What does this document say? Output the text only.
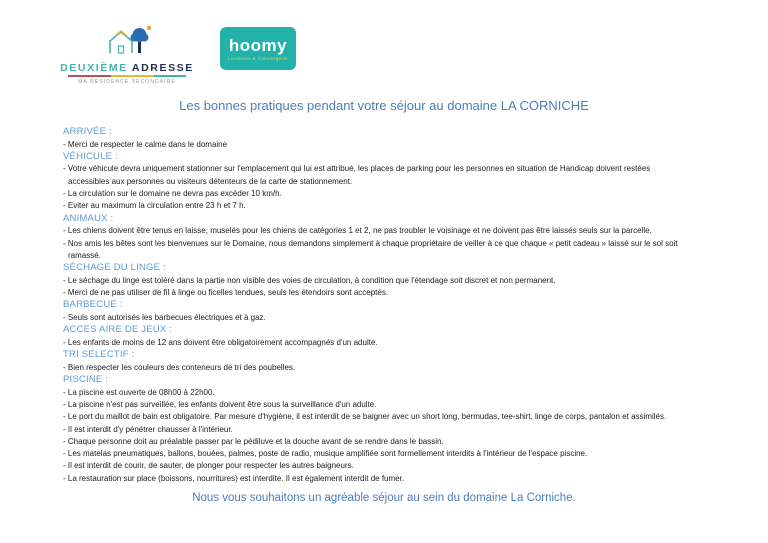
DEUXIÈME ADRESSE
MA RÉSIDENCE SECONDAIRE
hoomy
Locations & Conciergerie
Les bonnes pratiques pendant votre séjour au domaine LA CORNICHE
ARRIVÉE :
- Merci de respecter le calme dans le domaine
VÉHICULE :
- Votre véhicule devra uniquement stationner sur l'emplacement qui lui est attribué, les places de parking pour les personnes en situation de Handicap doivent restées
accessibles aux personnes ou visiteurs détenteurs de la carte de stationnement.
- La circulation sur le domaine ne devra pas excéder 10 km/h.
- Eviter au maximum la circulation entre 23 h et 7 h.
ANIMAUX :
- Les chiens doivent être tenus en laisse, muselés pour les chiens de catégories 1 et 2, ne pas troubler le voisinage et ne doivent pas être laissés seuls sur la parcelle.
- Nos amis les bêtes sont les bienvenues sur le Domaine, nous demandons simplement à chaque propriétaire de veiller à ce que chaque « petit cadeau » laissé sur le sol soit
ramassé.
SÉCHAGE DU LINGE :
- Le séchage du linge est toléré dans la partie non visible des voies de circulation, à condition que l'étendage soit discret et non permanent.
- Merci de ne pas utiliser de fil à linge ou ficelles tendues, seuls les étendoirs sont acceptés.
BARBECUE :
- Seuls sont autorisés les barbecues électriques et à gaz.
ACCES AIRE DE JEUX :
- Les enfants de moins de 12 ans doivent être obligatoirement accompagnés d'un adulte.
TRI SELECTIF :
- Bien respecter les couleurs des conteneurs de tri des poubelles.
PISCINE :
- La piscine est ouverte de 08h00 à 22h00.
- La piscine n'est pas surveillée, les enfants doivent être sous la surveillance d'un adulte.
- Le port du maillot de bain est obligatoire. Par mesure d'hygiène, il est interdit de se baigner avec un short long, bermudas, tee-shirt, linge de corps, pantalon et assimilés.
- Il est interdit d'y pénétrer chausser à l'intérieur.
- Chaque personne doit au préalable passer par le pédiluve et la douche avant de se rendre dans le bassin.
- Les matelas pneumatiques, ballons, bouées, palmes, poste de radio, musique amplifiée sont formellement interdits à l'intérieur de l'espace piscine.
- Il est interdit de courir, de sauter, de plonger pour respecter les autres baigneurs.
- La restauration sur place (boissons, nourritures) est interdite. Il est également interdit de fumer.
Nous vous souhaitons un agréable séjour au sein du domaine La Corniche.
